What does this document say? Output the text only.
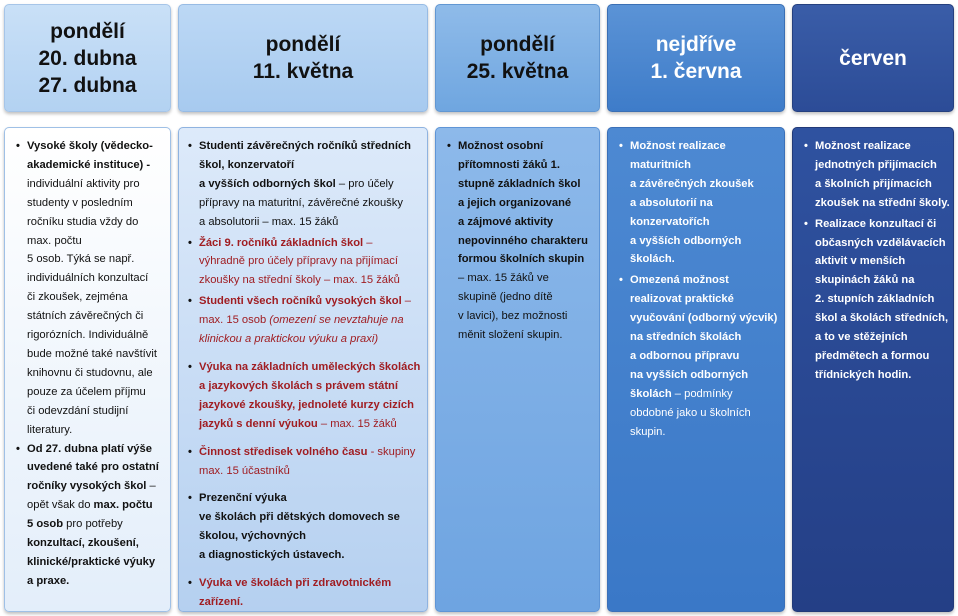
pondělí
20. dubna
27. dubna
• Vysoké školy (vědecko-
akademické instituce) -
individuální aktivity pro
studenty v posledním
ročníku studia vždy do
max. počtu
5 osob. Týká se např.
individuálních konzultací
či zkoušek, zejména
státních závěrečných či
rigorózních. Individuálně
bude možné také navštívit
knihovnu či studovnu, ale
pouze za účelem příjmu
či odevzdání studijní
literatury.
• Od 27. dubna platí výše
uvedené také pro ostatní
ročníky vysokých škol –
opět však do max. počtu
5 osob pro potřeby
konzultací, zkoušení,
klinické/praktické výuky
a praxe.
pondělí
11. května
• Studenti závěrečných ročníků středních
škol, konzervatoří
a vyšších odborných škol – pro účely
přípravy na maturitní, závěrečné zkoušky
a absolutorii – max. 15 žáků
• Žáci 9. ročníků základních škol –
výhradně pro účely přípravy na přijímací
zkoušky na střední školy – max. 15 žáků
• Studenti všech ročníků vysokých škol –
max. 15 osob (omezení se nevztahuje na
klinickou a praktickou výuku a praxi)
• Výuka na základních uměleckých školách
a jazykových školách s právem státní
jazykové zkoušky, jednoleté kurzy cizích
jazyků s denní výukou – max. 15 žáků
• Činnost středisek volného času - skupiny
max. 15 účastníků
• Prezenční výuka
ve školách při dětských domovech se
školou, výchovných
a diagnostických ústavech.
• Výuka ve školách při zdravotnickém
zařízení.
pondělí
25. května
• Možnost osobní
přítomnosti žáků 1.
stupně základních škol
a jejich organizované
a zájmové aktivity
nepovinného charakteru
formou školních skupin
– max. 15 žáků ve
skupině (jedno dítě
v lavici), bez možnosti
měnit složení skupin.
nejdříve
1. června
• Možnost realizace
maturitních
a závěrečných zkoušek
a absolutorií na
konzervatořích
a vyšších odborných
školách.
• Omezená možnost
realizovat praktické
vyučování (odborný výcvik)
na středních školách
a odbornou přípravu
na vyšších odborných
školách – podmínky
obdobné jako u školních
skupin.
červen
• Možnost realizace
jednotných přijímacích
a školních přijímacích
zkoušek na střední školy.
• Realizace konzultací či
občasných vzdělávacích
aktivit v menších
skupinách žáků na
2. stupních základních
škol a školách středních,
a to ve stěžejních
předmětech a formou
třídnických hodin.
